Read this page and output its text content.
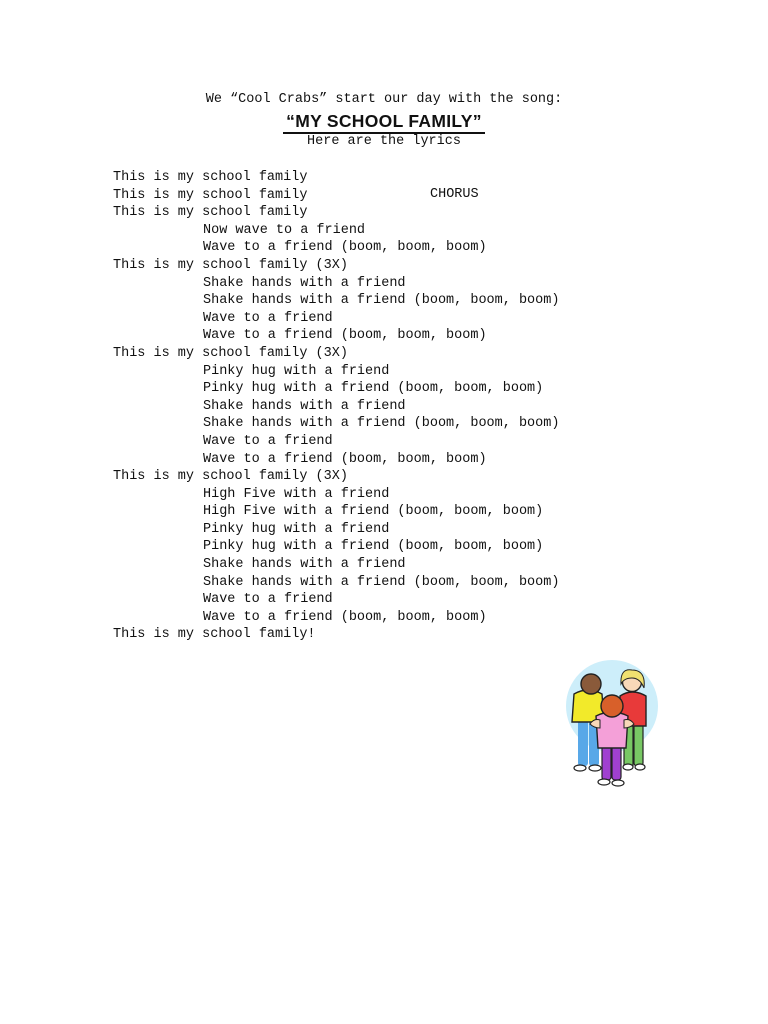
We “Cool Crabs” start our day with the song:
“MY SCHOOL FAMILY”
Here are the lyrics
This is my school family
This is my school family
This is my school family
Now wave to a friend
Wave to a friend (boom, boom, boom)
This is my school family (3X)
Shake hands with a friend
Shake hands with a friend (boom, boom, boom)
Wave to a friend
Wave to a friend (boom, boom, boom)
This is my school family (3X)
Pinky hug with a friend
Pinky hug with a friend (boom, boom, boom)
Shake hands with a friend
Shake hands with a friend (boom, boom, boom)
Wave to a friend
Wave to a friend (boom, boom, boom)
This is my school family (3X)
High Five with a friend
High Five with a friend (boom, boom, boom)
Pinky hug with a friend
Pinky hug with a friend (boom, boom, boom)
Shake hands with a friend
Shake hands with a friend (boom, boom, boom)
Wave to a friend
Wave to a friend (boom, boom, boom)
This is my school family!
CHORUS
